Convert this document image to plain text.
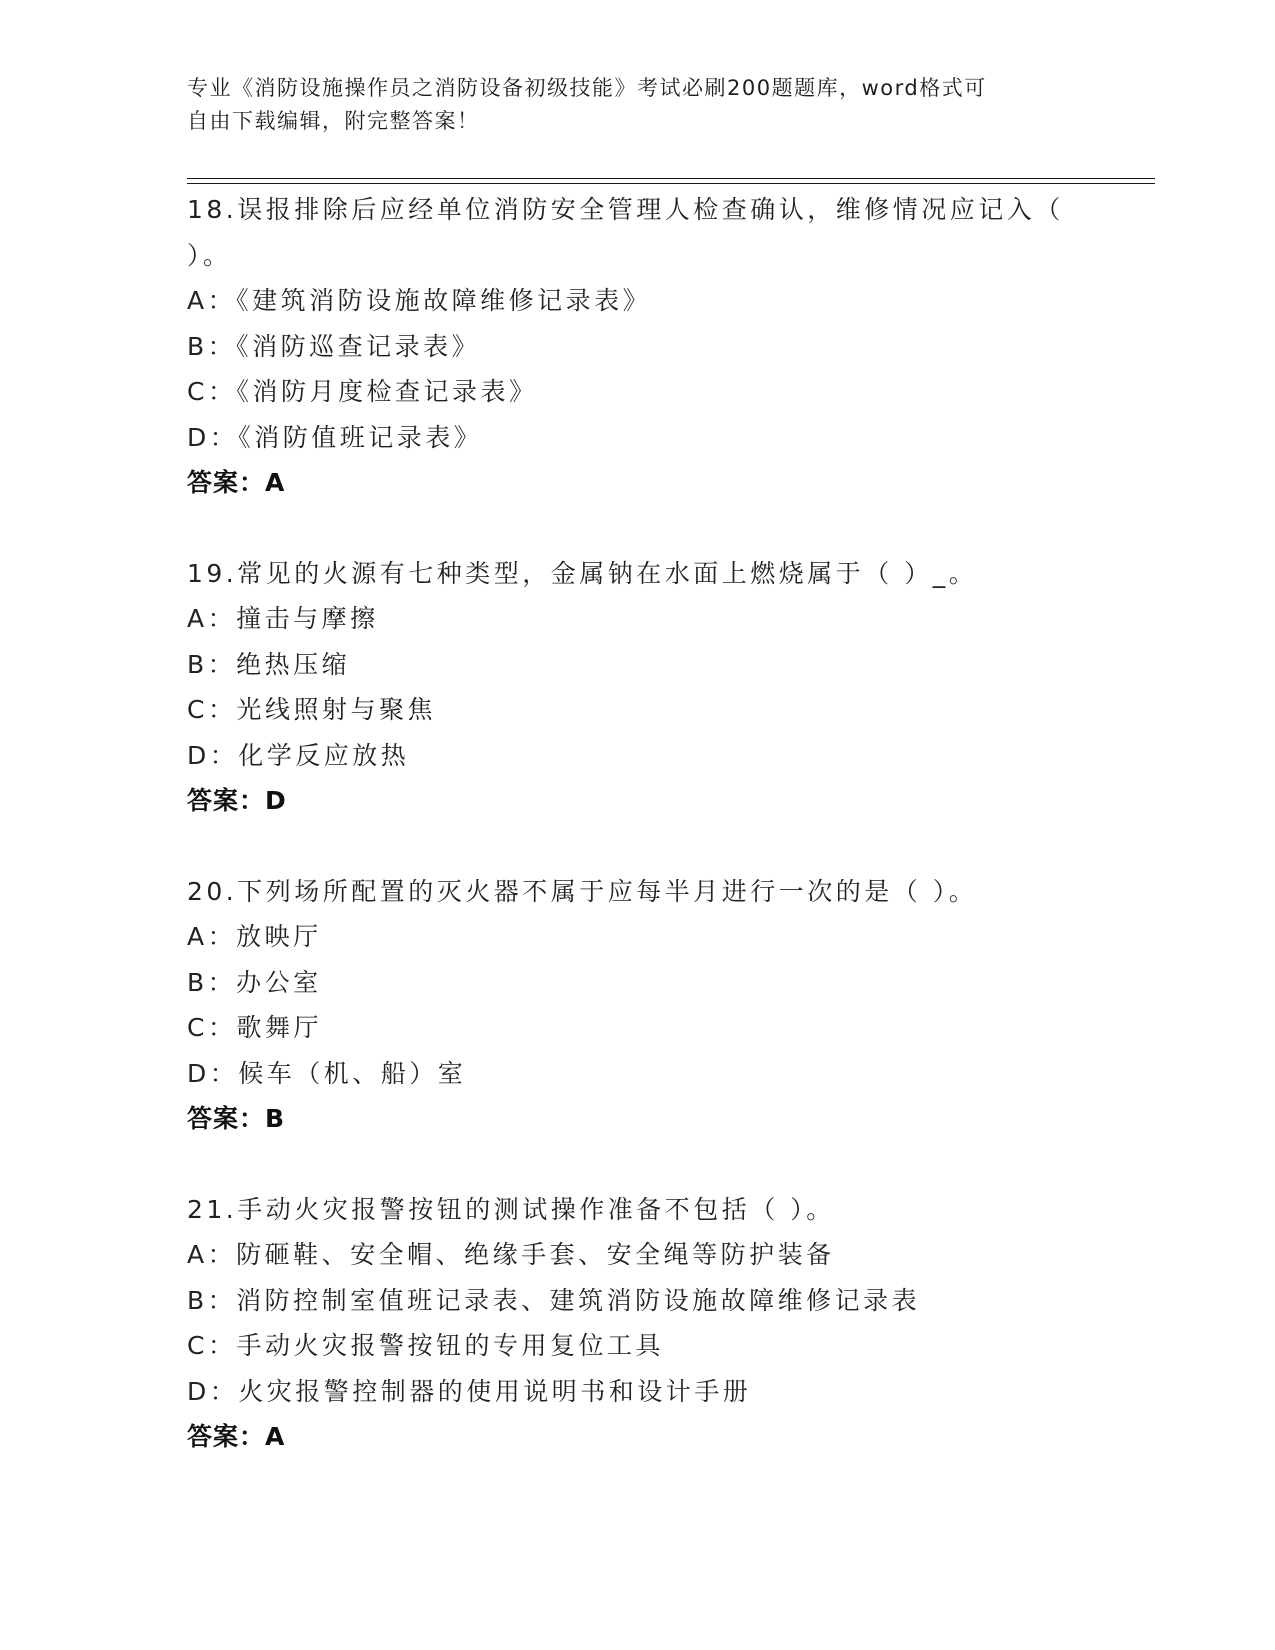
专业《消防设施操作员之消防设备初级技能》考试必刷200题题库，word格式可
自由下载编辑，附完整答案！
18.误报排除后应经单位消防安全管理人检查确认，维修情况应记入（
）。
A：《建筑消防设施故障维修记录表》
B：《消防巡查记录表》
C：《消防月度检查记录表》
D：《消防值班记录表》
答案：A
19.常见的火源有七种类型，金属钠在水面上燃烧属于（ ）_。
A：撞击与摩擦
B：绝热压缩
C：光线照射与聚焦
D：化学反应放热
答案：D
20.下列场所配置的灭火器不属于应每半月进行一次的是（ ）。
A：放映厅
B：办公室
C：歌舞厅
D：候车（机、船）室
答案：B
21.手动火灾报警按钮的测试操作准备不包括（ ）。
A：防砸鞋、安全帽、绝缘手套、安全绳等防护装备
B：消防控制室值班记录表、建筑消防设施故障维修记录表
C：手动火灾报警按钮的专用复位工具
D：火灾报警控制器的使用说明书和设计手册
答案：A
